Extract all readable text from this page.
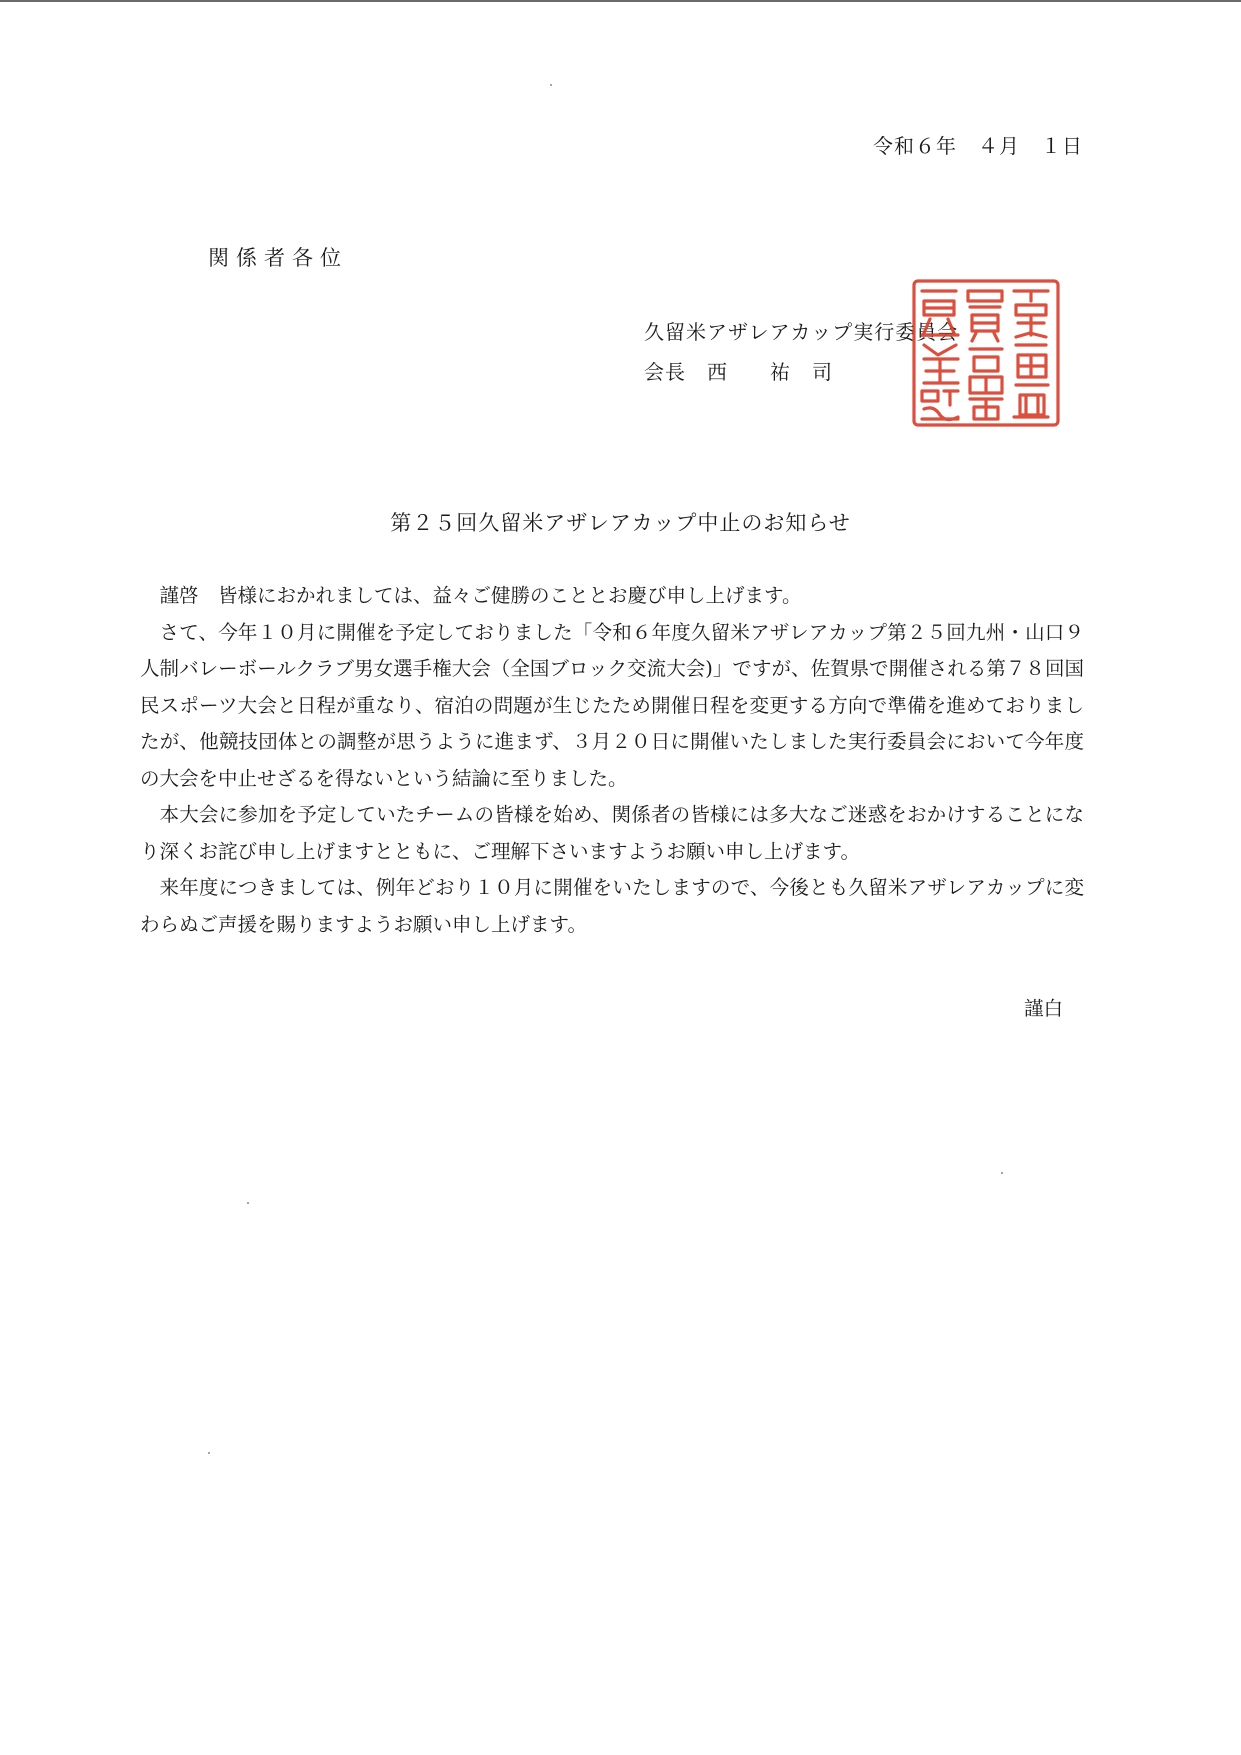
令和６年　４月　１日
関係者各位
久留米アザレアカップ実行委員会
会長　西　　祐　司
第２５回久留米アザレアカップ中止のお知らせ

謹啓　皆様におかれましては、益々ご健勝のこととお慶び申し上げます。

さて、今年１０月に開催を予定しておりました「令和６年度久留米アザレアカップ第２５回九州・山口９人制バレーボールクラブ男女選手権大会（全国ブロック交流大会)」ですが、佐賀県で開催される第７８回国民スポーツ大会と日程が重なり、宿泊の問題が生じたため開催日程を変更する方向で準備を進めておりましたが、他競技団体との調整が思うように進まず、３月２０日に開催いたしました実行委員会において今年度の大会を中止せざるを得ないという結論に至りました。

本大会に参加を予定していたチームの皆様を始め、関係者の皆様には多大なご迷惑をおかけすることになり深くお詫び申し上げますとともに、ご理解下さいますようお願い申し上げます。

来年度につきましては、例年どおり１０月に開催をいたしますので、今後とも久留米アザレアカップに変わらぬご声援を賜りますようお願い申し上げます。

謹白
